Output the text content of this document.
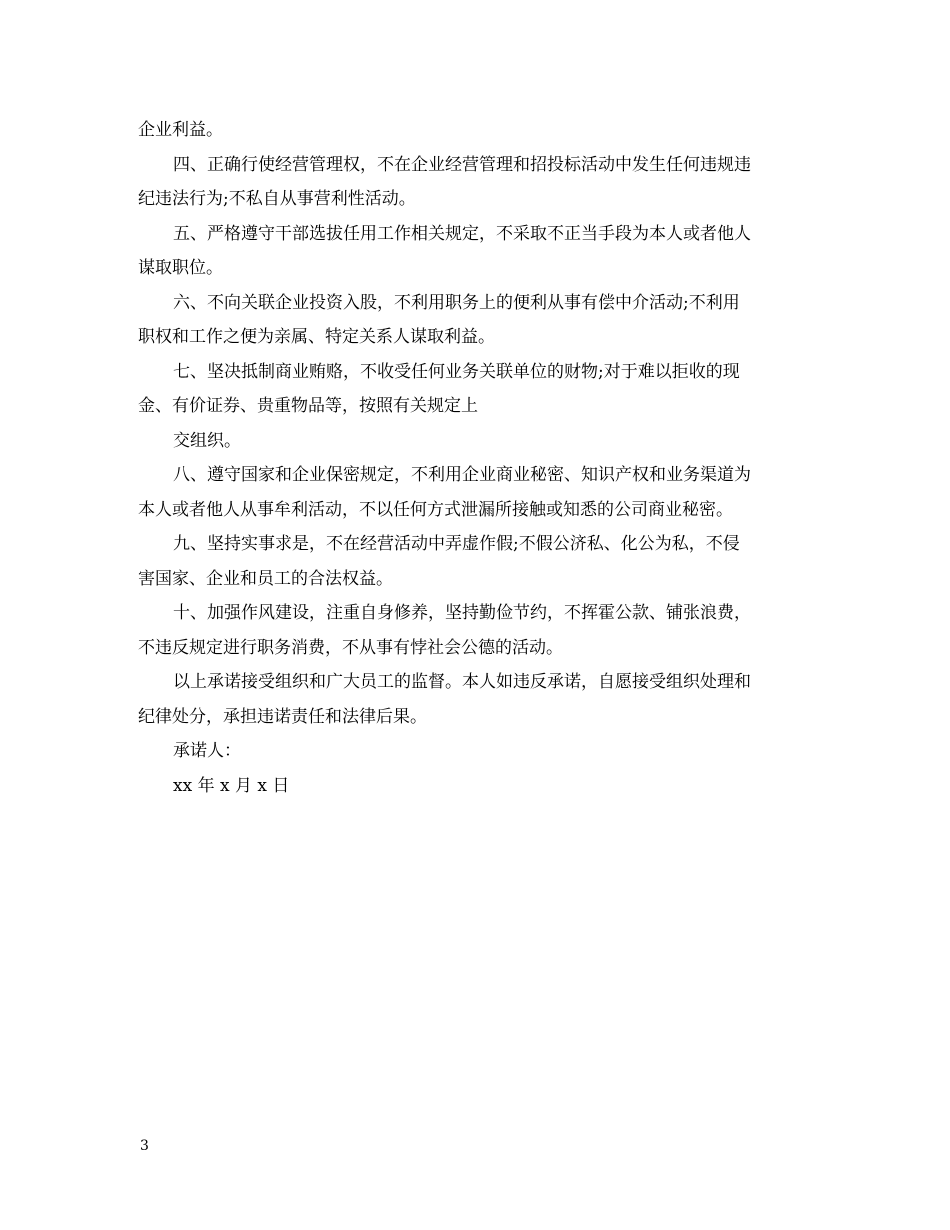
企业利益。

四、正确行使经营管理权，不在企业经营管理和招投标活动中发生任何违规违

纪违法行为;不私自从事营利性活动。

五、严格遵守干部选拔任用工作相关规定，不采取不正当手段为本人或者他人

谋取职位。

六、不向关联企业投资入股，不利用职务上的便利从事有偿中介活动;不利用

职权和工作之便为亲属、特定关系人谋取利益。

七、坚决抵制商业贿赂，不收受任何业务关联单位的财物;对于难以拒收的现

金、有价证券、贵重物品等，按照有关规定上

交组织。

八、遵守国家和企业保密规定，不利用企业商业秘密、知识产权和业务渠道为

本人或者他人从事牟利活动，不以任何方式泄漏所接触或知悉的公司商业秘密。

九、坚持实事求是，不在经营活动中弄虚作假;不假公济私、化公为私，不侵

害国家、企业和员工的合法权益。

十、加强作风建设，注重自身修养，坚持勤俭节约，不挥霍公款、铺张浪费，

不违反规定进行职务消费，不从事有悖社会公德的活动。

以上承诺接受组织和广大员工的监督。本人如违反承诺，自愿接受组织处理和

纪律处分，承担违诺责任和法律后果。

承诺人：

xx 年 x 月 x 日

3
